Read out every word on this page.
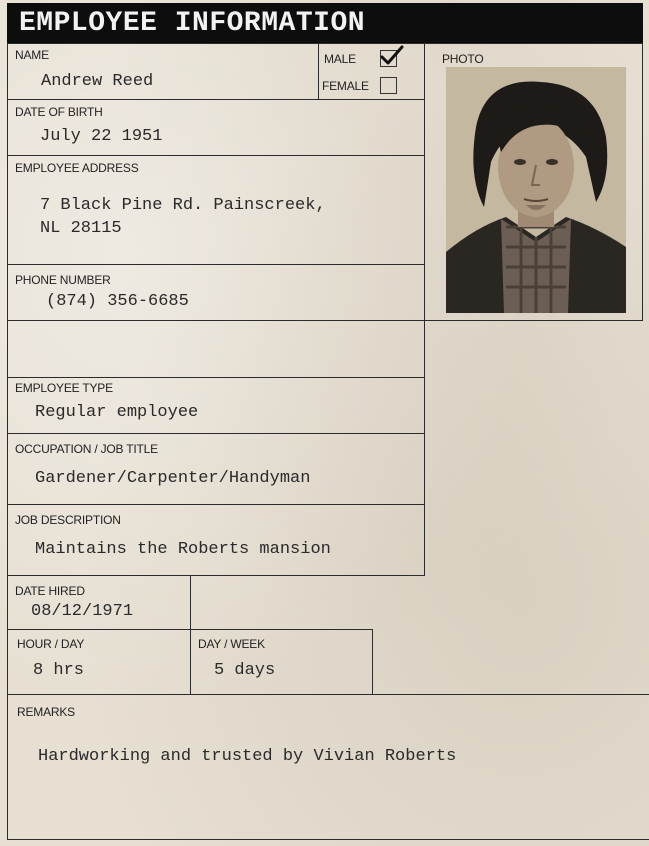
EMPLOYEE INFORMATION
NAME
Andrew Reed
MALE
FEMALE
PHOTO
DATE OF BIRTH
July 22 1951
EMPLOYEE ADDRESS
7 Black Pine Rd. Painscreek,
NL 28115
PHONE NUMBER
(874) 356-6685
EMPLOYEE TYPE
Regular employee
OCCUPATION / JOB TITLE
Gardener/Carpenter/Handyman
JOB DESCRIPTION
Maintains the Roberts mansion
DATE HIRED
08/12/1971
HOUR / DAY
8 hrs
DAY / WEEK
5 days
REMARKS
Hardworking and trusted by Vivian Roberts
